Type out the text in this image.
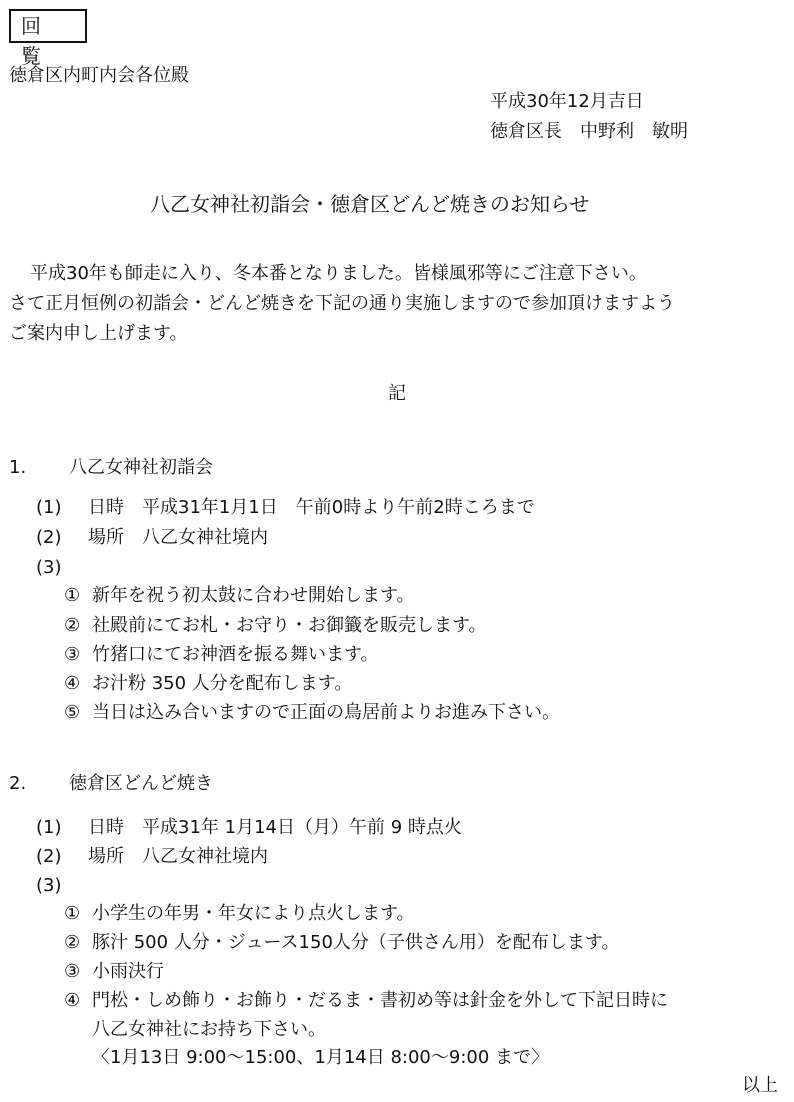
回 覧
徳倉区内町内会各位殿
平成30年12月吉日
徳倉区長　中野利　敏明
八乙女神社初詣会・徳倉区どんど焼きのお知らせ
平成30年も師走に入り、冬本番となりました。皆様風邪等にご注意下さい。
さて正月恒例の初詣会・どんど焼きを下記の通り実施しますので参加頂けますよう
ご案内申し上げます。
記
1. 八乙女神社初詣会
(1) 日時　平成31年1月1日　午前0時より午前2時ころまで
(2) 場所　八乙女神社境内
(3)
① 新年を祝う初太鼓に合わせ開始します。
② 社殿前にてお札・お守り・お御籤を販売します。
③ 竹猪口にてお神酒を振る舞います。
④ お汁粉 350 人分を配布します。
⑤ 当日は込み合いますので正面の鳥居前よりお進み下さい。
2. 徳倉区どんど焼き
(1) 日時　平成31年 1月14日（月）午前 9 時点火
(2) 場所　八乙女神社境内
(3)
① 小学生の年男・年女により点火します。
② 豚汁 500 人分・ジュース150人分（子供さん用）を配布します。
③ 小雨決行
④ 門松・しめ飾り・お飾り・だるま・書初め等は針金を外して下記日時に
八乙女神社にお持ち下さい。
〈1月13日 9:00～15:00、1月14日 8:00～9:00 まで〉
以上
